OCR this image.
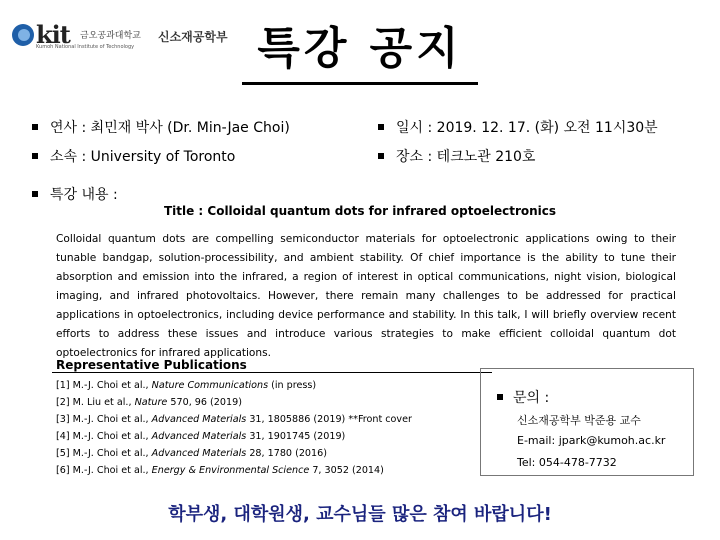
kit 금오공과대학교
Kumoh National Institute of Technology
신소재공학부 특강 공지
연사 : 최민재 박사 (Dr. Min-Jae Choi)	일시 : 2019. 12. 17. (화) 오전 11시30분
소속 : University of Toronto	장소 : 테크노관 210호
특강 내용 :
Title : Colloidal quantum dots for infrared optoelectronics
Colloidal quantum dots are compelling semiconductor materials for optoelectronic applications owing to their tunable bandgap, solution-processibility, and ambient stability. Of chief importance is the ability to tune their absorption and emission into the infrared, a region of interest in optical communications, night vision, biological imaging, and infrared photovoltaics. However, there remain many challenges to be addressed for practical applications in optoelectronics, including device performance and stability. In this talk, I will briefly overview recent efforts to address these issues and introduce various strategies to make efficient colloidal quantum dot optoelectronics for infrared applications.
Representative Publications
[1] M.-J. Choi et al., Nature Communications (in press)
[2] M. Liu et al., Nature 570, 96 (2019)
[3] M.-J. Choi et al., Advanced Materials 31, 1805886 (2019) **Front cover
[4] M.-J. Choi et al., Advanced Materials 31, 1901745 (2019)
[5] M.-J. Choi et al., Advanced Materials 28, 1780 (2016)
[6] M.-J. Choi et al., Energy & Environmental Science 7, 3052 (2014)
문의 :
신소재공학부 박준용 교수
E-mail: jpark@kumoh.ac.kr
Tel: 054-478-7732
학부생, 대학원생, 교수님들 많은 참여 바랍니다!
